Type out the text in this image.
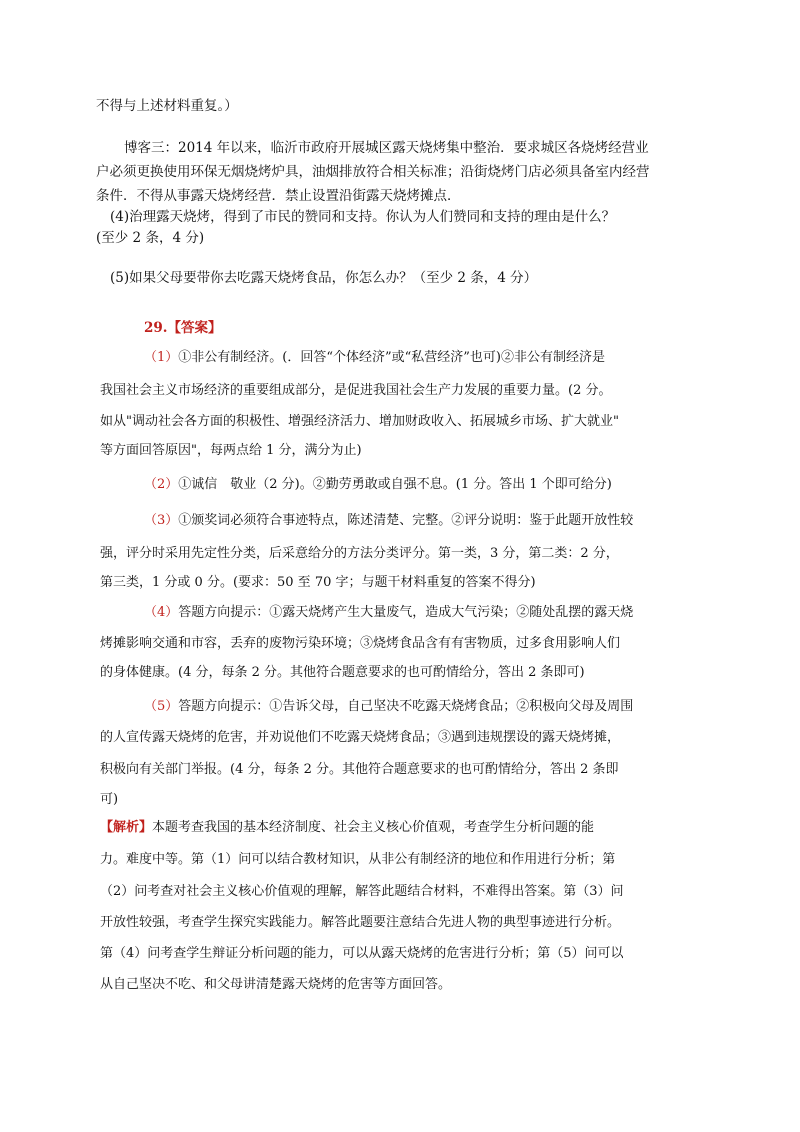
不得与上述材料重复。）
博客三：2014 年以来，临沂市政府开展城区露天烧烤集中整治．要求城区各烧烤经营业
户必须更换使用环保无烟烧烤炉具，油烟排放符合相关标准；沿街烧烤门店必须具备室内经营
条件．不得从事露天烧烤经营．禁止设置沿街露天烧烤摊点．
(4)治理露天烧烤，得到了市民的赞同和支持。你认为人们赞同和支持的理由是什么？
(至少 2 条，4 分)
(5)如果父母要带你去吃露天烧烤食品，你怎么办？（至少 2 条，4 分）
29.【答案】
（1）①非公有制经济。(．回答“个体经济”或“私营经济”也可)②非公有制经济是
我国社会主义市场经济的重要组成部分，是促进我国社会生产力发展的重要力量。(2 分。
如从"调动社会各方面的积极性、增强经济活力、增加财政收入、拓展城乡市场、扩大就业"
等方面回答原因"，每两点给 1 分，满分为止)
（2）①诚信　敬业（2 分)。②勤劳勇敢或自强不息。(1 分。答出 1 个即可给分)
（3）①颁奖词必须符合事迹特点，陈述清楚、完整。②评分说明：鉴于此题开放性较
强，评分时采用先定性分类，后采意给分的方法分类评分。第一类，3 分，第二类：2 分，
第三类，1 分或 0 分。(要求：50 至 70 字；与题干材料重复的答案不得分)
（4）答题方向提示：①露天烧烤产生大量废气，造成大气污染；②随处乱摆的露天烧
烤摊影响交通和市容，丢弃的废物污染环境；③烧烤食品含有有害物质，过多食用影响人们
的身体健康。(4 分，每条 2 分。其他符合题意要求的也可酌情给分，答出 2 条即可)
（5）答题方向提示：①告诉父母，自己坚决不吃露天烧烤食品；②积极向父母及周围
的人宣传露天烧烤的危害，并劝说他们不吃露天烧烤食品；③遇到违规摆设的露天烧烤摊，
积极向有关部门举报。(4 分，每条 2 分。其他符合题意要求的也可酌情给分，答出 2 条即
可)
【解析】本题考查我国的基本经济制度、社会主义核心价值观，考查学生分析问题的能
力。难度中等。第（1）问可以结合教材知识，从非公有制经济的地位和作用进行分析；第
（2）问考查对社会主义核心价值观的理解，解答此题结合材料，不难得出答案。第（3）问
开放性较强，考查学生探究实践能力。解答此题要注意结合先进人物的典型事迹进行分析。
第（4）问考查学生辩证分析问题的能力，可以从露天烧烤的危害进行分析；第（5）问可以
从自己坚决不吃、和父母讲清楚露天烧烤的危害等方面回答。
